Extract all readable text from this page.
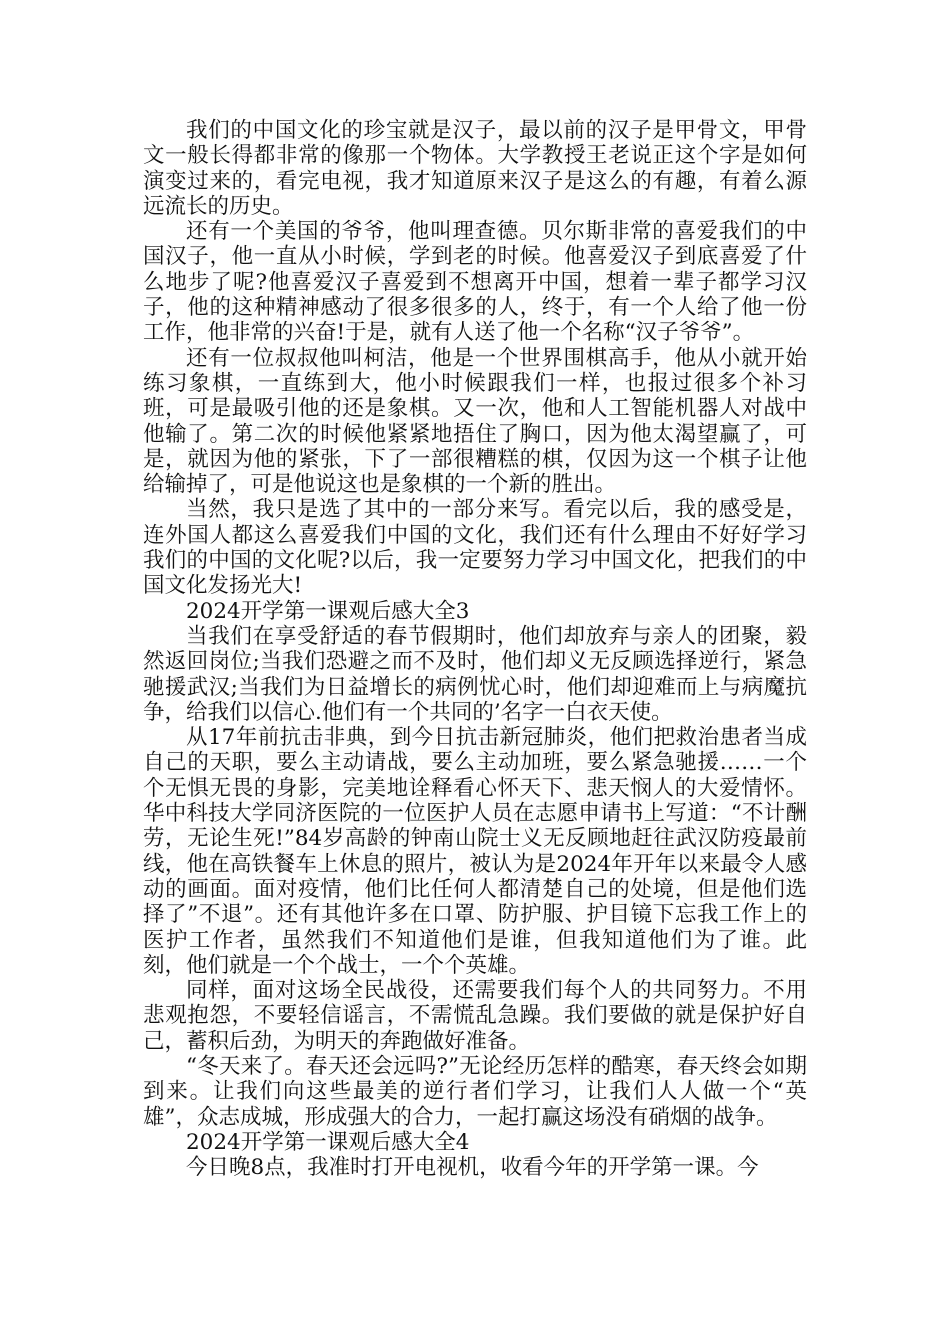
我们的中国文化的珍宝就是汉子，最以前的汉子是甲骨文，甲骨文一般长得都非常的像那一个物体。大学教授王老说正这个字是如何演变过来的，看完电视，我才知道原来汉子是这么的有趣，有着么源远流长的历史。

还有一个美国的爷爷，他叫理查德。贝尔斯非常的喜爱我们的中国汉子，他一直从小时候，学到老的时候。他喜爱汉子到底喜爱了什么地步了呢?他喜爱汉子喜爱到不想离开中国，想着一辈子都学习汉子，他的这种精神感动了很多很多的人，终于，有一个人给了他一份工作，他非常的兴奋!于是，就有人送了他一个名称“汉子爷爷”。

还有一位叔叔他叫柯洁，他是一个世界围棋高手，他从小就开始练习象棋，一直练到大，他小时候跟我们一样，也报过很多个补习班，可是最吸引他的还是象棋。又一次，他和人工智能机器人对战中他输了。第二次的时候他紧紧地捂住了胸口，因为他太渴望赢了，可是，就因为他的紧张，下了一部很糟糕的棋，仅因为这一个棋子让他给输掉了，可是他说这也是象棋的一个新的胜出。

当然，我只是选了其中的一部分来写。看完以后，我的感受是，连外国人都这么喜爱我们中国的文化，我们还有什么理由不好好学习我们的中国的文化呢?以后，我一定要努力学习中国文化，把我们的中国文化发扬光大!

2024开学第一课观后感大全3

当我们在享受舒适的春节假期时，他们却放弃与亲人的团聚，毅然返回岗位;当我们恐避之而不及时，他们却义无反顾选择逆行，紧急驰援武汉;当我们为日益增长的病例忧心时，他们却迎难而上与病魔抗争，给我们以信心.他们有一个共同的’名字一白衣天使。

从17年前抗击非典，到今日抗击新冠肺炎，他们把救治患者当成自己的天职，要么主动请战，要么主动加班，要么紧急驰援……一个个无惧无畏的身影，完美地诠释看心怀天下、悲天悯人的大爱情怀。华中科技大学同济医院的一位医护人员在志愿申请书上写道：“不计酬劳，无论生死!”84岁高龄的钟南山院士义无反顾地赶往武汉防疫最前线，他在高铁餐车上休息的照片，被认为是2024年开年以来最令人感动的画面。面对疫情，他们比任何人都清楚自己的处境，但是他们选择了”不退”。还有其他许多在口罩、防护服、护目镜下忘我工作上的医护工作者，虽然我们不知道他们是谁，但我知道他们为了谁。此刻，他们就是一个个战士，一个个英雄。

同样，面对这场全民战役，还需要我们每个人的共同努力。不用悲观抱怨，不要轻信谣言，不需慌乱急躁。我们要做的就是保护好自己，蓄积后劲，为明天的奔跑做好准备。

“冬天来了。春天还会远吗?”无论经历怎样的酷寒，春天终会如期到来。让我们向这些最美的逆行者们学习，让我们人人做一个“英雄”，众志成城，形成强大的合力，一起打赢这场没有硝烟的战争。

2024开学第一课观后感大全4

今日晚8点，我准时打开电视机，收看今年的开学第一课。今
